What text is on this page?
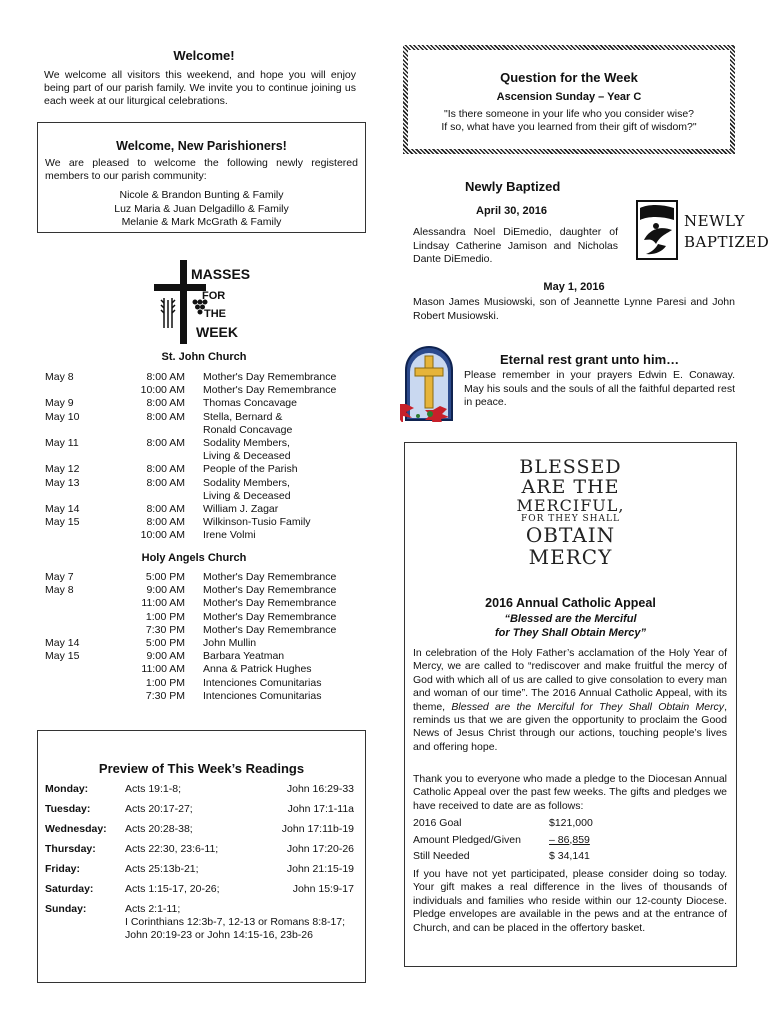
Welcome!
We welcome all visitors this weekend, and hope you will enjoy being part of our parish family. We invite you to continue joining us each week at our liturgical celebrations.
Welcome, New Parishioners!
We are pleased to welcome the following newly registered members to our parish community:
Nicole & Brandon Bunting & Family
Luz Maria & Juan Delgadillo & Family
Melanie & Mark McGrath & Family
MASSES
FOR
THE
WEEK
St. John Church
May 8	8:00 AM Mother's Day Remembrance
10:00 AM Mother's Day Remembrance
May 9	8:00 AM Thomas Concavage
May 10	8:00 AM Stella, Bernard &
Ronald Concavage
May 11	8:00 AM Sodality Members,
Living & Deceased
May 12	8:00 AM People of the Parish
May 13	8:00 AM Sodality Members,
Living & Deceased
May 14	8:00 AM William J. Zagar
May 15	8:00 AM Wilkinson-Tusio Family
10:00 AM Irene Volmi
Holy Angels Church
May 7	5:00 PM Mother's Day Remembrance
May 8	9:00 AM Mother's Day Remembrance
11:00 AM Mother's Day Remembrance
1:00 PM Mother's Day Remembrance
7:30 PM Mother's Day Remembrance
May 14	5:00 PM John Mullin
May 15	9:00 AM Barbara Yeatman
11:00 AM Anna & Patrick Hughes
1:00 PM Intenciones Comunitarias
7:30 PM Intenciones Comunitarias
Preview of This Week’s Readings
Monday:	Acts 19:1-8;	John 16:29-33
Tuesday:	Acts 20:17-27;	John 17:1-11a
Wednesday: Acts 20:28-38;	John 17:11b-19
Thursday:	Acts 22:30, 23:6-11;	John 17:20-26
Friday:	Acts 25:13b-21;	John 21:15-19
Saturday:	Acts 1:15-17, 20-26;	John 15:9-17
Sunday:	Acts 2:1-11;
I Corinthians 12:3b-7, 12-13 or Romans 8:8-17;
John 20:19-23 or John 14:15-16, 23b-26
Question for the Week
Ascension Sunday – Year C
"Is there someone in your life who you consider wise?
If so, what have you learned from their gift of wisdom?"
Newly Baptized
April 30, 2016
Alessandra Noel DiEmedio, daughter of Lindsay Catherine Jamison and Nicholas Dante DiEmedio.
NEWLY
BAPTIZED
May 1, 2016
Mason James Musiowski, son of Jeannette Lynne Paresi and John Robert Musiowski.
Eternal rest grant unto him…
Please remember in your prayers Edwin E. Conaway. May his souls and the souls of all the faithful departed rest in peace.
BLESSED
ARE THE
MERCIFUL,
FOR THEY SHALL
OBTAIN
MERCY
2016 Annual Catholic Appeal
“Blessed are the Merciful
for They Shall Obtain Mercy”
In celebration of the Holy Father’s acclamation of the Holy Year of Mercy, we are called to “rediscover and make fruitful the mercy of God with which all of us are called to give consolation to every man and woman of our time”. The 2016 Annual Catholic Appeal, with its theme, Blessed are the Merciful for They Shall Obtain Mercy, reminds us that we are given the opportunity to proclaim the Good News of Jesus Christ through our actions, touching people’s lives and offering hope.
Thank you to everyone who made a pledge to the Diocesan Annual Catholic Appeal over the past few weeks. The gifts and pledges we have received to date are as follows:
2016 Goal	$121,000
Amount Pledged/Given	– 86,859
Still Needed	$ 34,141
If you have not yet participated, please consider doing so today. Your gift makes a real difference in the lives of thousands of individuals and families who reside within our 12-county Diocese. Pledge envelopes are available in the pews and at the entrance of Church, and can be placed in the offertory basket.
